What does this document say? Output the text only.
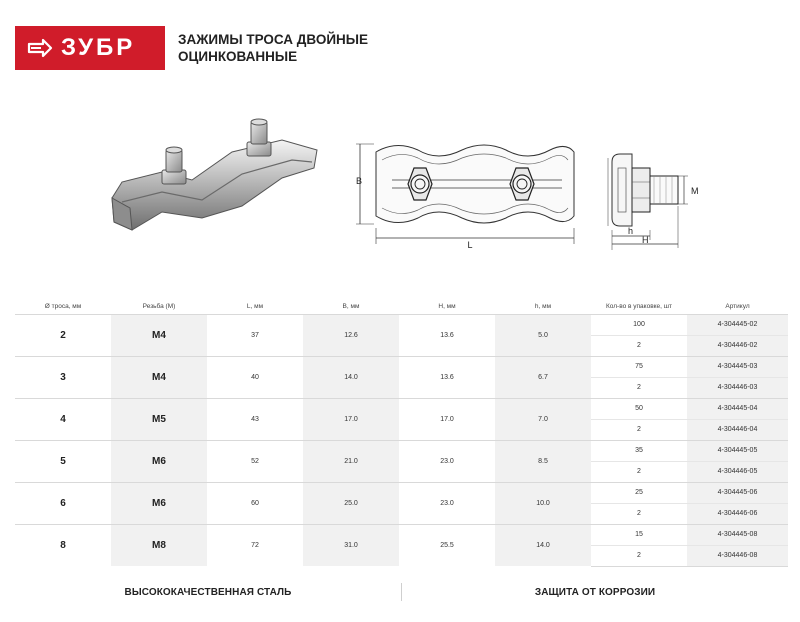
ЗУБР	ЗАЖИМЫ ТРОСА ДВОЙНЫЕ
ОЦИНКОВАННЫЕ
B
L
M
h
H
Ø троса, мм	Резьба (М)	L, мм	B, мм	H, мм	h, мм	Кол-во в упаковке, шт	Артикул
2	М4	37	12.6	13.6	5.0	100	4-304445-02
						2	4-304446-02
3	М4	40	14.0	13.6	6.7	75	4-304445-03
						2	4-304446-03
4	М5	43	17.0	17.0	7.0	50	4-304445-04
						2	4-304446-04
5	М6	52	21.0	23.0	8.5	35	4-304445-05
						2	4-304446-05
6	М6	60	25.0	23.0	10.0	25	4-304445-06
						2	4-304446-06
8	М8	72	31.0	25.5	14.0	15	4-304445-08
						2	4-304446-08
ВЫСОКОКАЧЕСТВЕННАЯ СТАЛЬ	ЗАЩИТА ОТ КОРРОЗИИ
